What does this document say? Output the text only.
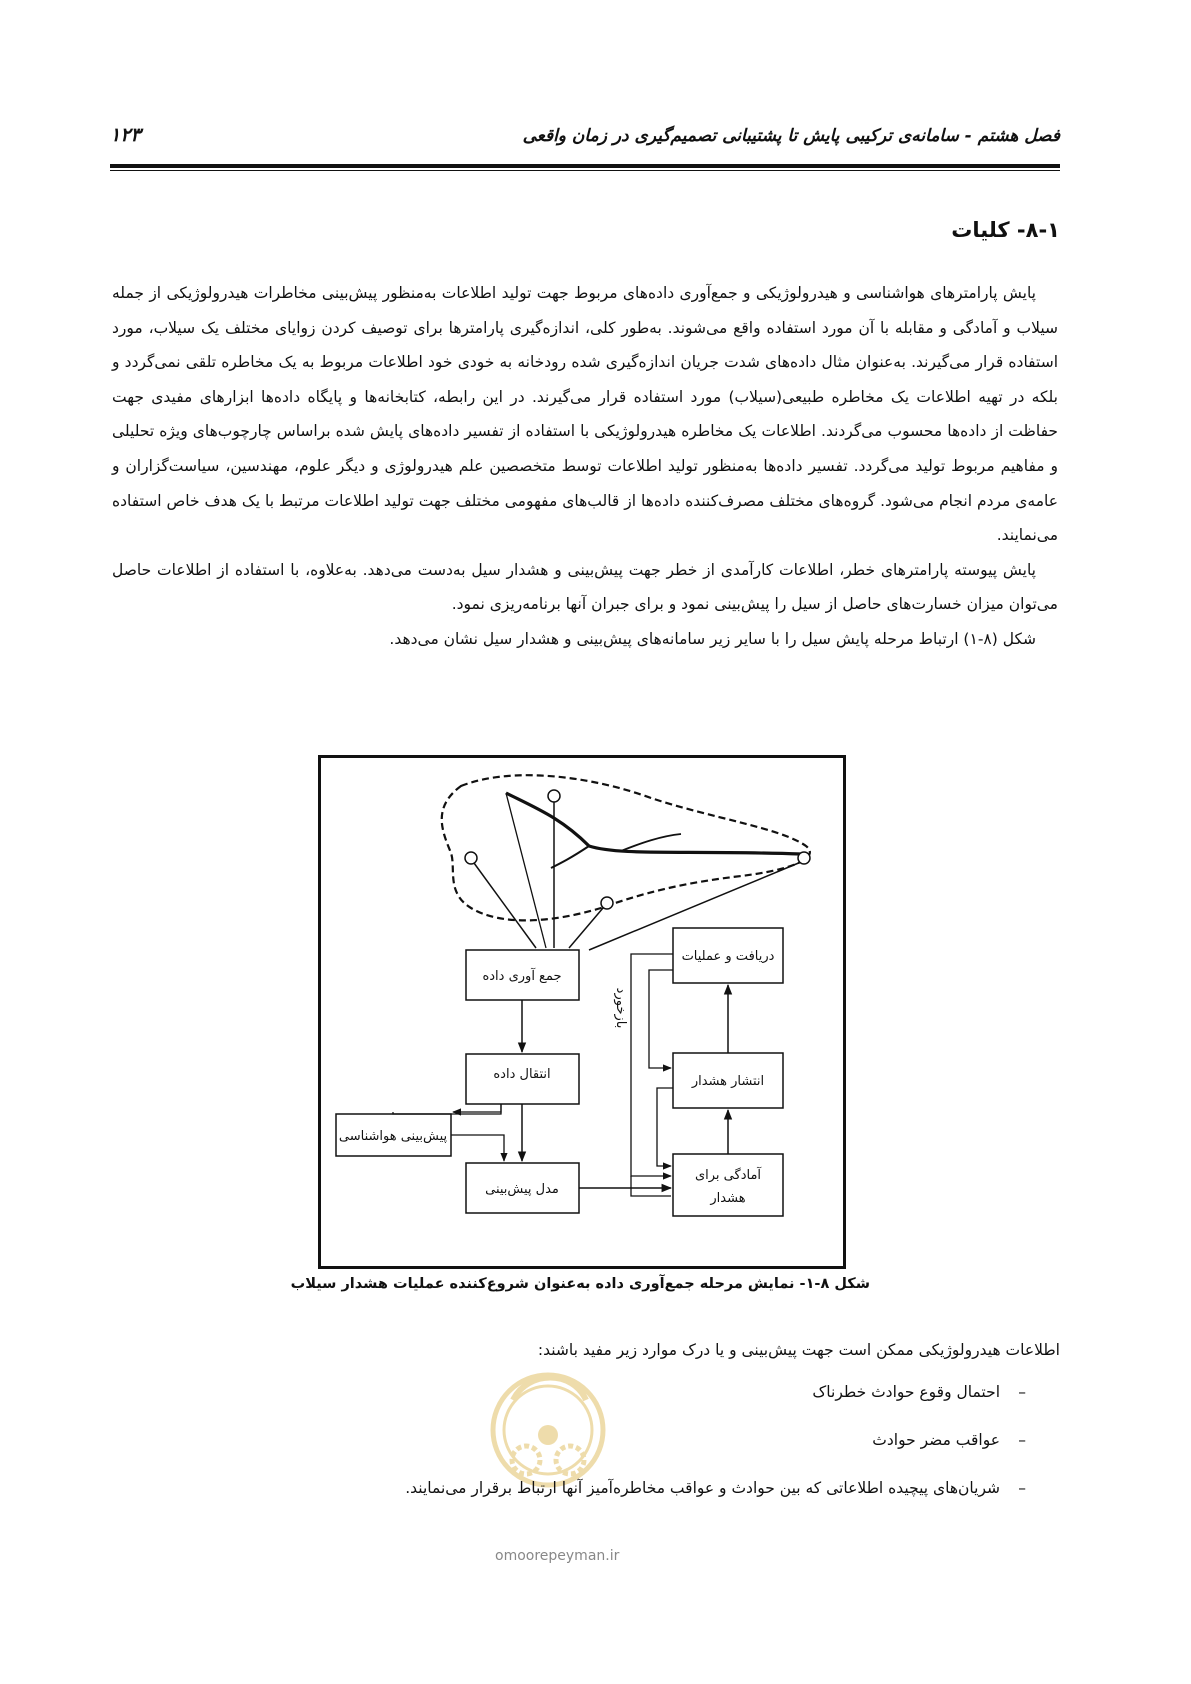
فصل هشتم - سامانه‌ی ترکیبی پایش تا پشتیبانی تصمیم‌گیری در زمان واقعی
۱۲۳
۸-۱- کلیات

پایش پارامترهای هواشناسی و هیدرولوژیکی و جمع‌آوری داده‌های مربوط جهت تولید اطلاعات به‌منظور پیش‌بینی مخاطرات هیدرولوژیکی از جمله سیلاب و آمادگی و مقابله با آن مورد استفاده واقع می‌شوند. به‌طور کلی، اندازه‌گیری پارامترها برای توصیف کردن زوایای مختلف یک سیلاب، مورد استفاده قرار می‌گیرند. به‌عنوان مثال داده‌های شدت جریان اندازه‌گیری شده رودخانه به خودی خود اطلاعات مربوط به یک مخاطره تلقی نمی‌گردد و بلکه در تهیه اطلاعات یک مخاطره طبیعی(سیلاب) مورد استفاده قرار می‌گیرند. در این رابطه، کتابخانه‌ها و پایگاه داده‌ها ابزارهای مفیدی جهت حفاظت از داده‌ها محسوب می‌گردند. اطلاعات یک مخاطره هیدرولوژیکی با استفاده از تفسیر داده‌های پایش شده براساس چارچوب‌های ویژه تحلیلی و مفاهیم مربوط تولید می‌گردد. تفسیر داده‌ها به‌منظور تولید اطلاعات توسط متخصصین علم هیدرولوژی و دیگر علوم، مهندسین، سیاست‌گزاران و عامه‌ی مردم انجام می‌شود. گروه‌های مختلف مصرف‌کننده داده‌ها از قالب‌های مفهومی مختلف جهت تولید اطلاعات مرتبط با یک هدف خاص استفاده می‌نمایند.

پایش پیوسته پارامترهای خطر، اطلاعات کارآمدی از خطر جهت پیش‌بینی و هشدار سیل به‌دست می‌دهد. به‌علاوه، با استفاده از اطلاعات حاصل می‌توان میزان خسارت‌های حاصل از سیل را پیش‌بینی نمود و برای جبران آنها برنامه‌ریزی نمود.

شکل (۸-۱) ارتباط مرحله پایش سیل را با سایر زیر سامانه‌های پیش‌بینی و هشدار سیل نشان می‌دهد.

جمع آوری داده
انتقال داده
پیش‌بینی هواشناسی
مدل پیش‌بینی
دریافت و عملیات
انتشار هشدار
آمادگی برای
هشدار
بازخورد
شکل ۸-۱- نمایش مرحله جمع‌آوری داده به‌عنوان شروع‌کننده عملیات هشدار سیلاب
omoorepeyman.ir
اطلاعات هیدرولوژیکی ممکن است جهت پیش‌بینی و یا درک موارد زیر مفید باشند:
–
احتمال وقوع حوادث خطرناک
–
عواقب مضر حوادث
–
شریان‌های پیچیده اطلاعاتی که بین حوادث و عواقب مخاطره‌آمیز آنها ارتباط برقرار می‌نمایند.
